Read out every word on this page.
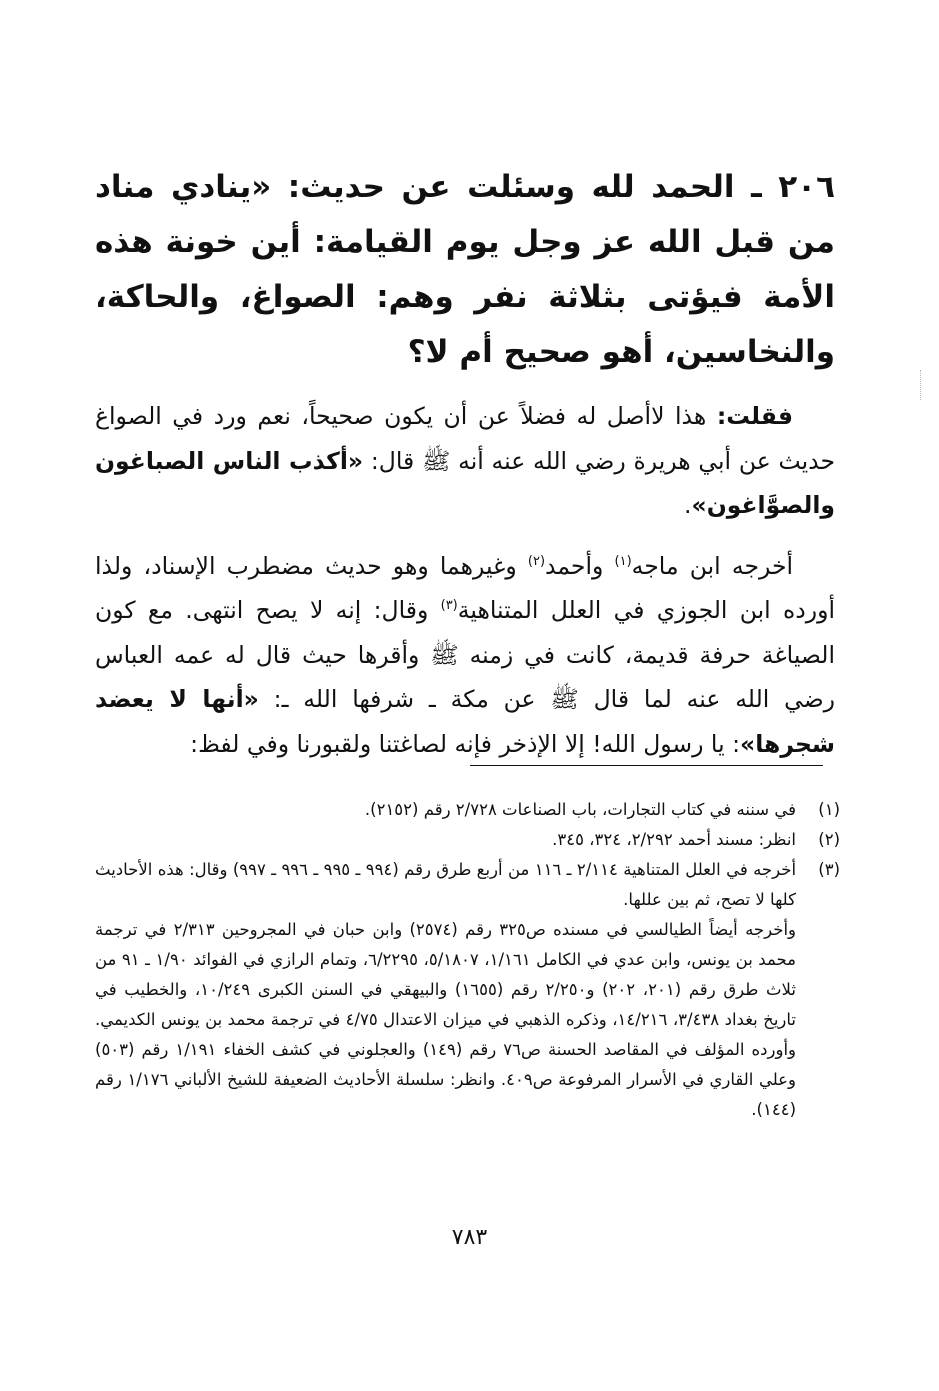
٢٠٦ ـ الحمد لله وسئلت عن حديث: «ينادي مناد من قبل الله عز وجل يوم القيامة: أين خونة هذه الأمة فيؤتى بثلاثة نفر وهم: الصواغ، والحاكة، والنخاسين، أهو صحيح أم لا؟

فقلت: هذا لاأصل له فضلاً عن أن يكون صحيحاً، نعم ورد في الصواغ حديث عن أبي هريرة رضي الله عنه أنه ﷺ قال: «أكذب الناس الصباغون والصوَّاغون».

أخرجه ابن ماجه$^{(١)}$ وأحمد$^{(٢)}$ وغيرهما وهو حديث مضطرب الإسناد، ولذا أورده ابن الجوزي في العلل المتناهية$^{(٣)}$ وقال: إنه لا يصح انتهى. مع كون الصياغة حرفة قديمة، كانت في زمنه ﷺ وأقرها حيث قال له عمه العباس رضي الله عنه لما قال ﷺ عن مكة ـ شرفها الله ـ: «أنها لا يعضد شجرها»: يا رسول الله! إلا الإذخر فإنه لصاغتنا ولقبورنا وفي لفظ:

(١)

في سننه في كتاب التجارات، باب الصناعات ٢/٧٢٨ رقم (٢١٥٢).

(٢)

انظر: مسند أحمد ٢/٢٩٢، ٣٢٤، ٣٤٥.

(٣)

أخرجه في العلل المتناهية ٢/١١٤ ـ ١١٦ من أربع طرق رقم (٩٩٤ ـ ٩٩٥ ـ ٩٩٦ ـ ٩٩٧) وقال: هذه الأحاديث كلها لا تصح، ثم بين عللها.

وأخرجه أيضاً الطيالسي في مسنده ص٣٢٥ رقم (٢٥٧٤) وابن حبان في المجروحين ٢/٣١٣ في ترجمة محمد بن يونس، وابن عدي في الكامل ١/١٦١، ٥/١٨٠٧، ٦/٢٢٩٥، وتمام الرازي في الفوائد ١/٩٠ ـ ٩١ من ثلاث طرق رقم (٢٠١، ٢٠٢) و٢/٢٥٠ رقم (١٦٥٥) والبيهقي في السنن الكبرى ١٠/٢٤٩، والخطيب في تاريخ بغداد ٣/٤٣٨، ١٤/٢١٦، وذكره الذهبي في ميزان الاعتدال ٤/٧٥ في ترجمة محمد بن يونس الكديمي. وأورده المؤلف في المقاصد الحسنة ص٧٦ رقم (١٤٩) والعجلوني في كشف الخفاء ١/١٩١ رقم (٥٠٣) وعلي القاري في الأسرار المرفوعة ص٤٠٩. وانظر: سلسلة الأحاديث الضعيفة للشيخ الألباني ١/١٧٦ رقم (١٤٤).

٧٨٣
